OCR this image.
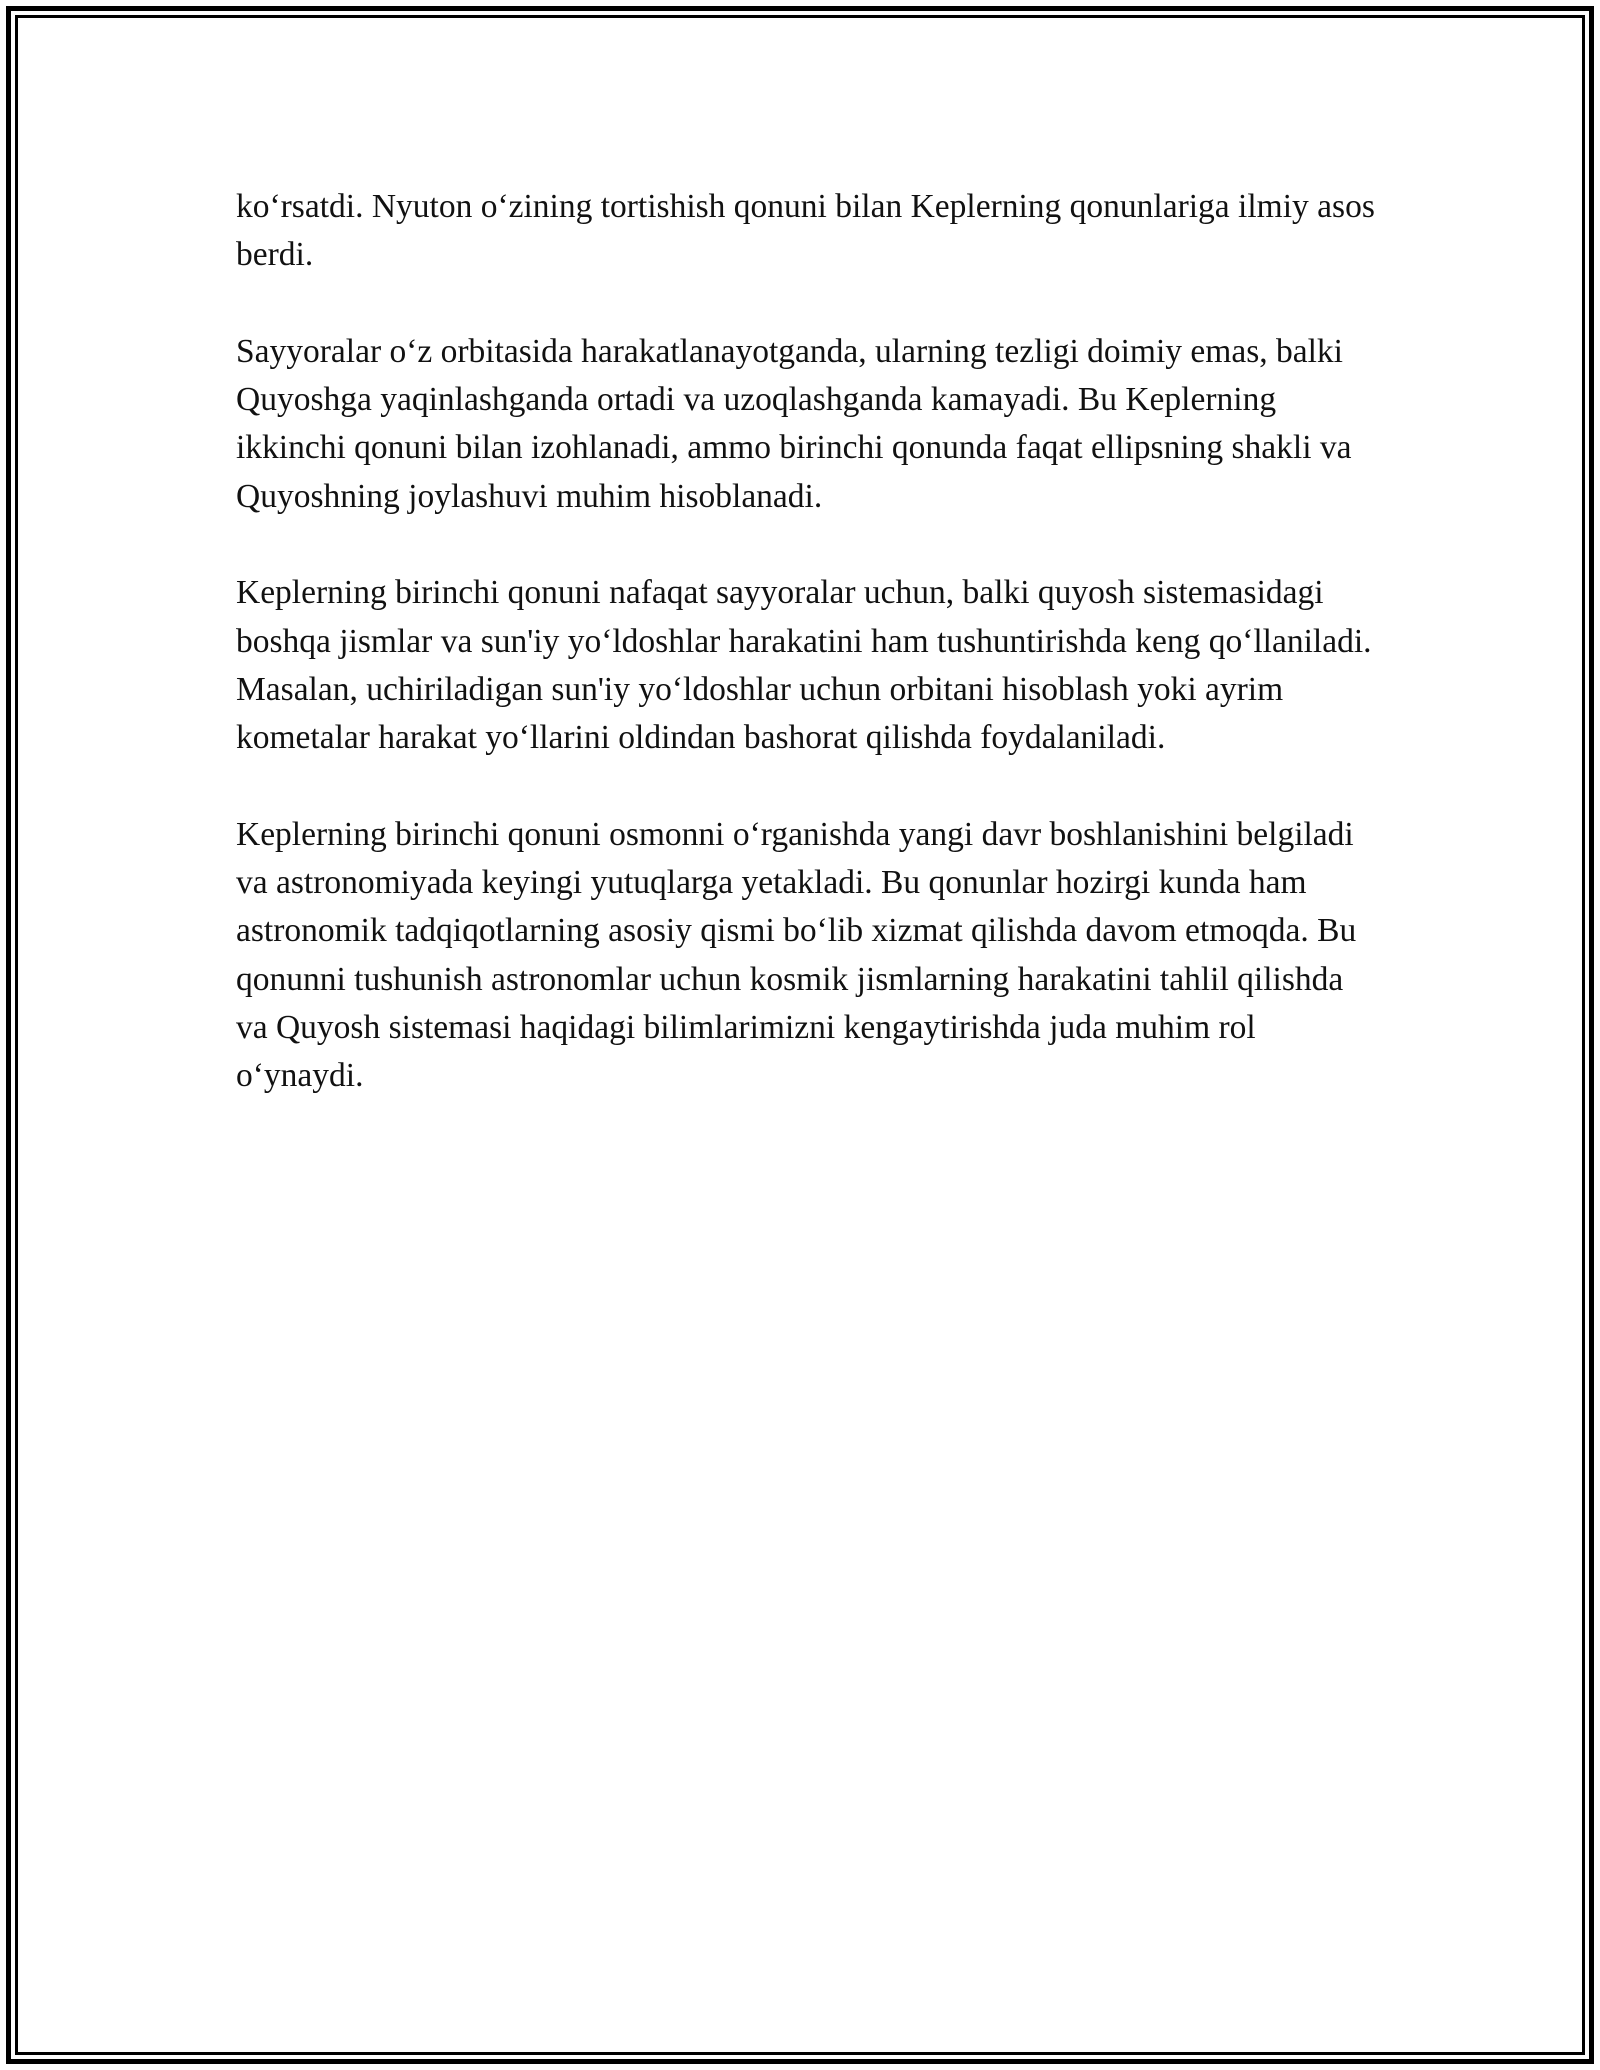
ko‘rsatdi. Nyuton o‘zining tortishish qonuni bilan Keplerning qonunlariga ilmiy asos berdi.

Sayyoralar o‘z orbitasida harakatlanayotganda, ularning tezligi doimiy emas, balki Quyoshga yaqinlashganda ortadi va uzoqlashganda kamayadi. Bu Keplerning ikkinchi qonuni bilan izohlanadi, ammo birinchi qonunda faqat ellipsning shakli va Quyoshning joylashuvi muhim hisoblanadi.

Keplerning birinchi qonuni nafaqat sayyoralar uchun, balki quyosh sistemasidagi boshqa jismlar va sun'iy yo‘ldoshlar harakatini ham tushuntirishda keng qo‘llaniladi. Masalan, uchiriladigan sun'iy yo‘ldoshlar uchun orbitani hisoblash yoki ayrim kometalar harakat yo‘llarini oldindan bashorat qilishda foydalaniladi.

Keplerning birinchi qonuni osmonni o‘rganishda yangi davr boshlanishini belgiladi va astronomiyada keyingi yutuqlarga yetakladi. Bu qonunlar hozirgi kunda ham astronomik tadqiqotlarning asosiy qismi bo‘lib xizmat qilishda davom etmoqda. Bu qonunni tushunish astronomlar uchun kosmik jismlarning harakatini tahlil qilishda va Quyosh sistemasi haqidagi bilimlarimizni kengaytirishda juda muhim rol o‘ynaydi.
